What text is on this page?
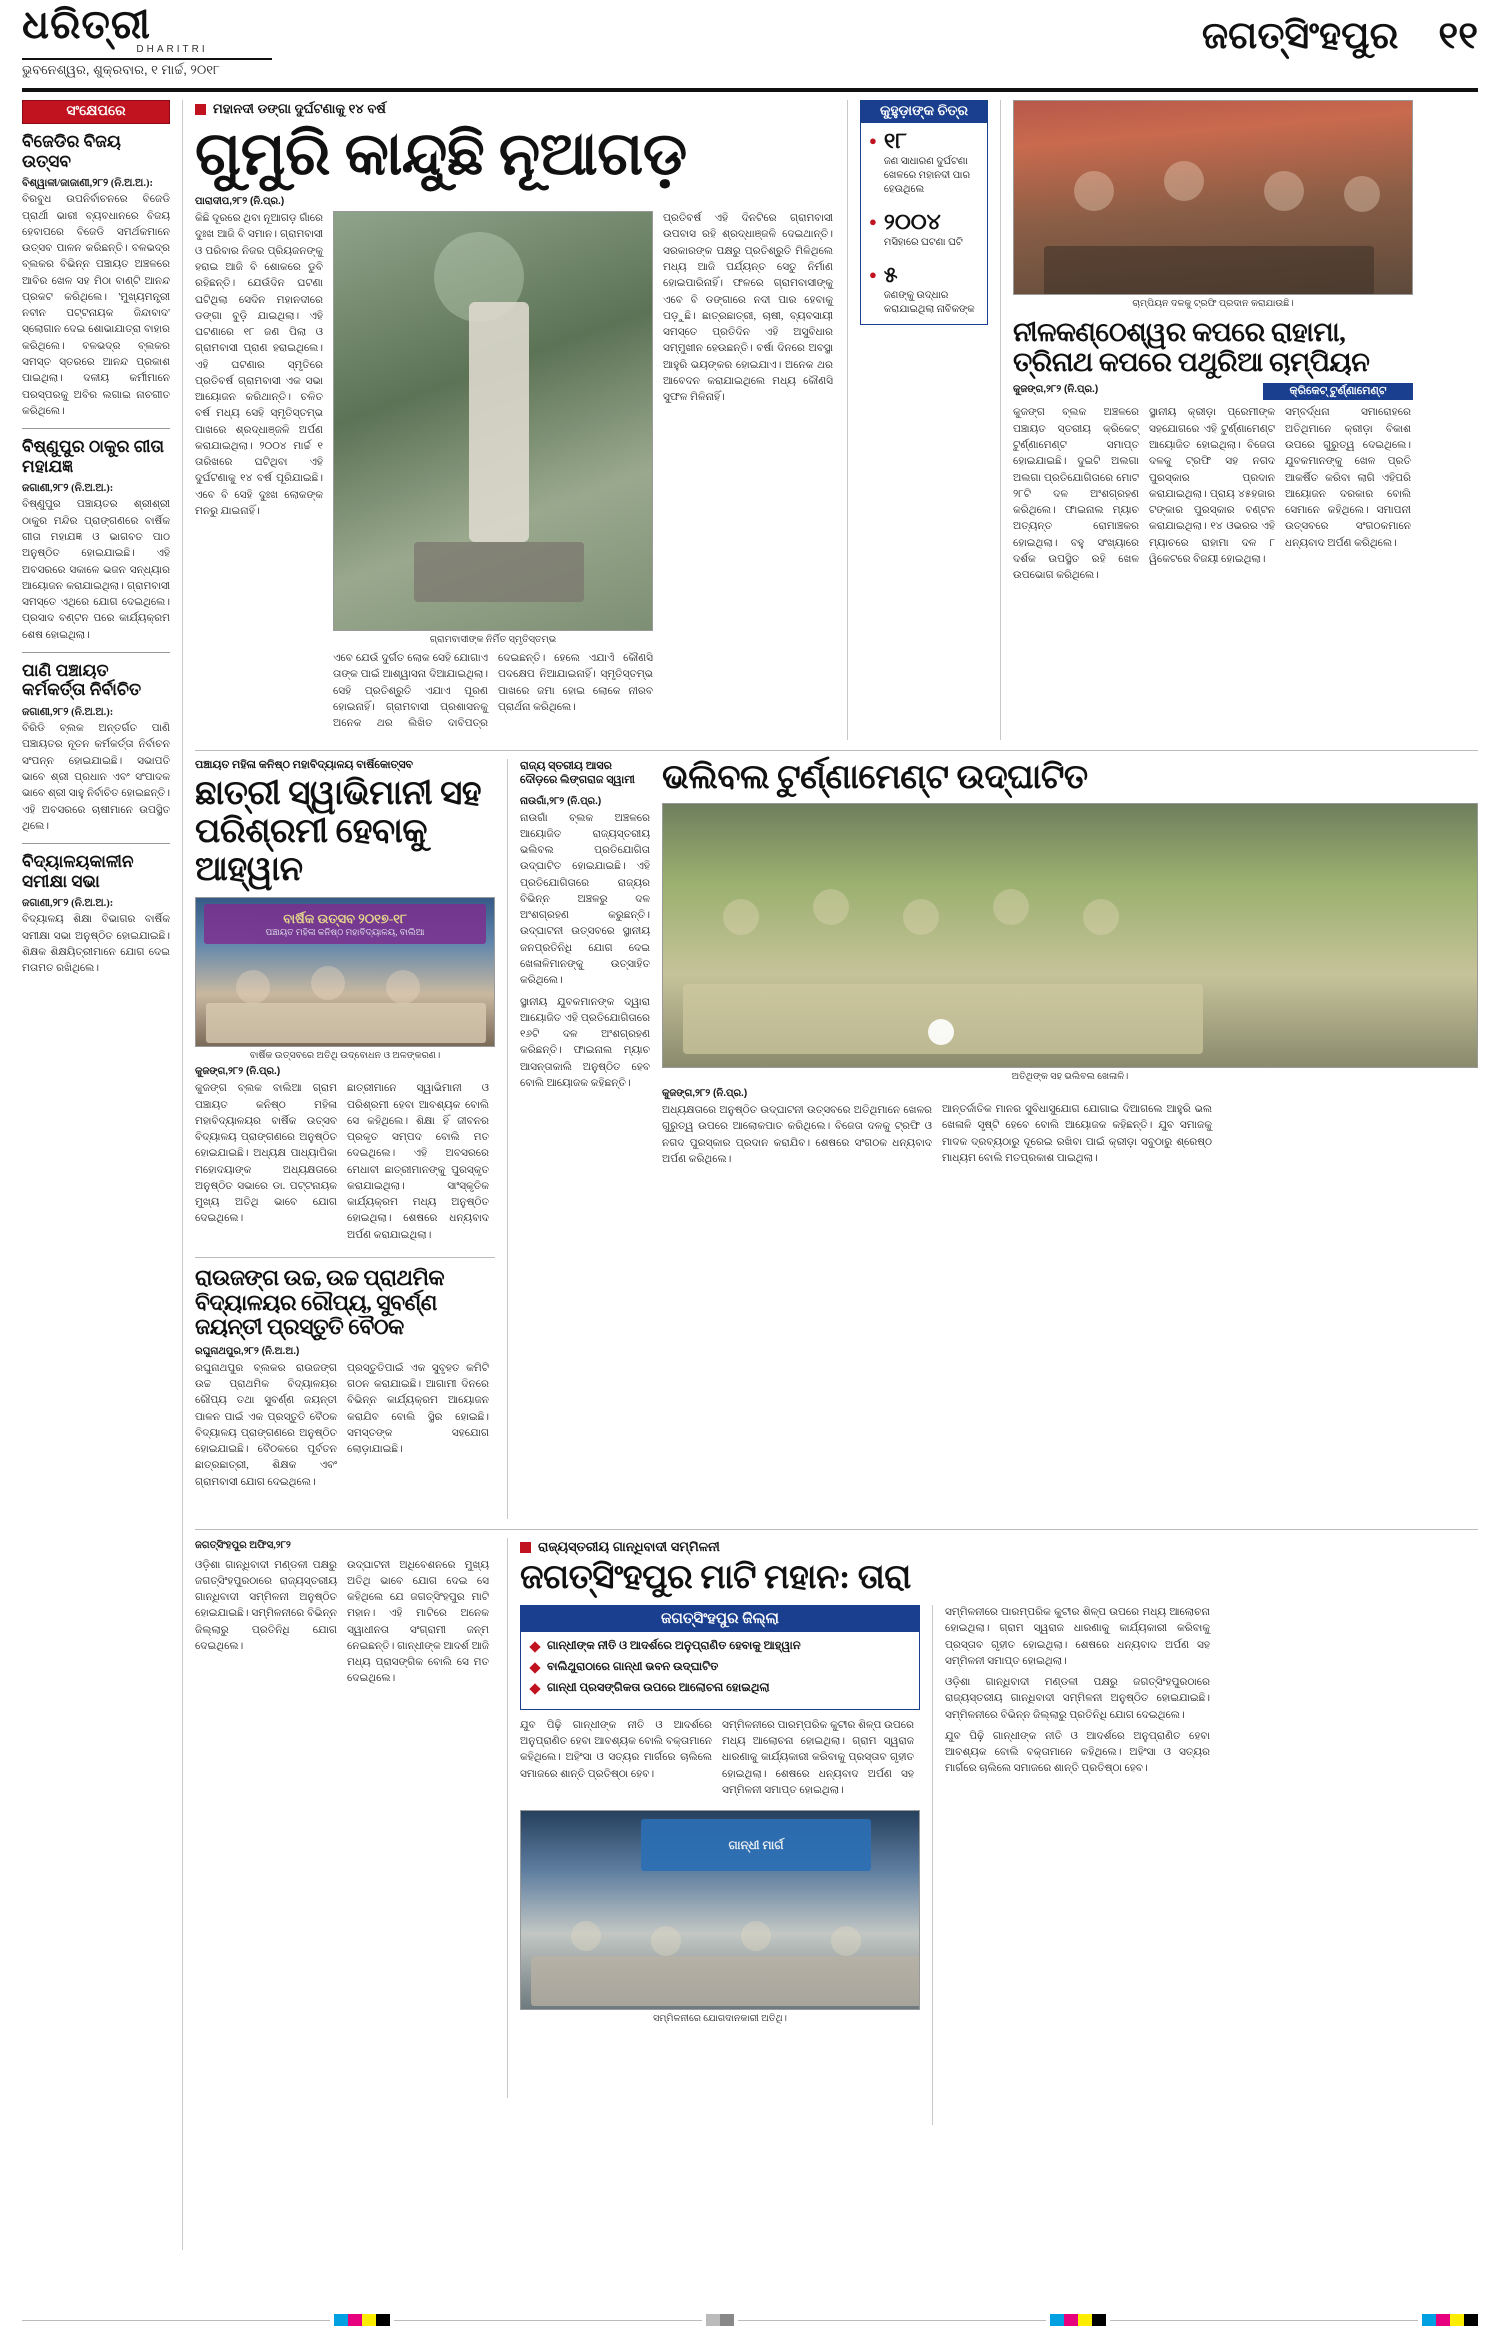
ଧରିତ୍ରୀ
DHARITRI
ଭୁବନେଶ୍ୱର, ଶୁକ୍ରବାର, ୧ ମାର୍ଚ୍ଚ, ୨୦୧୮
ଜଗତ୍‌ସିଂହପୁର ୧୧
ସଂକ୍ଷେପରେ
ବିଜେଡିର ବିଜୟ ଉତ୍ସବ

ବିଶ୍ୱାଳୀ/ଜାଜାଣୀ,୨୮୨ (ନି.ଅ.ଅ.):

ବିରବୁଧ ଉପନିର୍ବାଚନରେ ବିଜେଡି ପ୍ରାର୍ଥୀ ଭାରୀ ବ୍ୟବଧାନରେ ବିଜୟ ହେବାପରେ ବିଜେଡି ସମର୍ଥକମାନେ ଉତ୍ସବ ପାଳନ କରିଛନ୍ତି। ବଳଭଦ୍ର ବ୍ଲକର ବିଭିନ୍ନ ପଞ୍ଚାୟତ ଅଞ୍ଚଳରେ ଆବିର ଖେଳ ସହ ମିଠା ବାଣ୍ଟି ଆନନ୍ଦ ପ୍ରକଟ କରିଥିଲେ। 'ମୁଖ୍ୟମନ୍ତ୍ରୀ ନବୀନ ପଟ୍ଟନାୟକ ଜିନ୍ଦାବାଦ' ସ୍ଲୋଗାନ ଦେଇ ଶୋଭାଯାତ୍ରା ବାହାର କରିଥିଲେ। ବଳଭଦ୍ର ବ୍ଲକର ସମସ୍ତ ସ୍ତରରେ ଆନନ୍ଦ ପ୍ରକାଶ ପାଇଥିଲା। ଦଳୀୟ କର୍ମୀମାନେ ପରସ୍ପରକୁ ଅବିର ଲଗାଇ ନାଚଗୀତ କରିଥିଲେ।

ବିଷ୍ଣୁପୁର ଠାକୁର ଗୀତା ମହାଯଜ୍ଞ

ଜଗାଣୀ,୨୮୨ (ନି.ଅ.ଅ.):

ବିଷ୍ଣୁପୁର ପଞ୍ଚାୟତର ଶ୍ରୀଶ୍ରୀ ଠାକୁର ମନ୍ଦିର ପ୍ରାଙ୍ଗଣରେ ବାର୍ଷିକ ଗୀତା ମହାଯଜ୍ଞ ଓ ଭାଗବତ ପାଠ ଅନୁଷ୍ଠିତ ହୋଇଯାଇଛି। ଏହି ଅବସରରେ ସକାଳେ ଭଜନ ସନ୍ଧ୍ୟାର ଆୟୋଜନ କରାଯାଇଥିଲା। ଗ୍ରାମବାସୀ ସମସ୍ତେ ଏଥିରେ ଯୋଗ ଦେଇଥିଲେ। ପ୍ରସାଦ ବଣ୍ଟନ ପରେ କାର୍ଯ୍ୟକ୍ରମ ଶେଷ ହୋଇଥିଲା।

ପାଣି ପଞ୍ଚାୟତ କର୍ମକର୍ତ୍ତା ନିର୍ବାଚିତ

ଜଗାଣୀ,୨୮୨ (ନି.ଅ.ଅ.):

ବିରିଡି ବ୍ଲକ ଅନ୍ତର୍ଗତ ପାଣି ପଞ୍ଚାୟତର ନୂତନ କର୍ମକର୍ତ୍ତା ନିର୍ବାଚନ ସଂପନ୍ନ ହୋଇଯାଇଛି। ସଭାପତି ଭାବେ ଶ୍ରୀ ପ୍ରଧାନ ଏବଂ ସଂପାଦକ ଭାବେ ଶ୍ରୀ ସାହୁ ନିର୍ବାଚିତ ହୋଇଛନ୍ତି। ଏହି ଅବସରରେ ଚାଷୀମାନେ ଉପସ୍ଥିତ ଥିଲେ।

ବିଦ୍ୟାଳୟକାଳୀନ ସମୀକ୍ଷା ସଭା

ଜଗାଣୀ,୨୮୨ (ନି.ଅ.ଅ.):

ବିଦ୍ୟାଳୟ ଶିକ୍ଷା ବିଭାଗର ବାର୍ଷିକ ସମୀକ୍ଷା ସଭା ଅନୁଷ୍ଠିତ ହୋଇଯାଇଛି। ଶିକ୍ଷକ ଶିକ୍ଷୟିତ୍ରୀମାନେ ଯୋଗ ଦେଇ ମତାମତ ରଖିଥିଲେ।

ମହାନଦୀ ଡଙ୍ଗା ଦୁର୍ଘଟଣାକୁ ୧୪ ବର୍ଷ
ଗୁମୁରି କାନ୍ଦୁଛି ନୂଆଗଡ଼
ପାରାଦୀପ,୨୮୨ (ନି.ପ୍ର.)

କିଛି ଦୂରରେ ଥିବା ନୂଆଗଡ଼ ଗାଁରେ ଦୁଃଖ ଆଜି ବି ସମାନ। ଗ୍ରାମବାସୀ ଓ ପରିବାର ନିଜର ପ୍ରିୟଜନଙ୍କୁ ହରାଇ ଆଜି ବି ଶୋକରେ ଡୁବି ରହିଛନ୍ତି। ଯେଉଁଦିନ ଘଟଣା ଘଟିଥିଲା ସେଦିନ ମହାନଦୀରେ ଡଙ୍ଗା ବୁଡ଼ି ଯାଇଥିଲା। ଏହି ଘଟଣାରେ ୧୮ ଜଣ ପିଲା ଓ ଗ୍ରାମବାସୀ ପ୍ରାଣ ହରାଇଥିଲେ। ଏହି ଘଟଣାର ସ୍ମୃତିରେ ପ୍ରତିବର୍ଷ ଗ୍ରାମବାସୀ ଏକ ସଭା ଆୟୋଜନ କରିଥାନ୍ତି। ଚଳିତ ବର୍ଷ ମଧ୍ୟ ସେହି ସ୍ମୃତିସ୍ତମ୍ଭ ପାଖରେ ଶ୍ରଦ୍ଧାଞ୍ଜଳି ଅର୍ପଣ କରାଯାଇଥିଲା। ୨୦୦୪ ମାର୍ଚ୍ଚ ୧ ତାରିଖରେ ଘଟିଥିବା ଏହି ଦୁର୍ଘଟଣାକୁ ୧୪ ବର୍ଷ ପୂରିଯାଇଛି। ଏବେ ବି ସେହି ଦୁଃଖ ଲୋକଙ୍କ ମନରୁ ଯାଇନାହିଁ।

ଗ୍ରାମବାସୀଙ୍କ ନିର୍ମିତ ସ୍ମୃତିସ୍ତମ୍ଭ

ଏବେ ଯେଉଁ ଦୁର୍ଗତ ଲୋକ ସେହି ଯୋଗାଏ ତାଙ୍କ ପାଇଁ ଆଶ୍ୱାସନା ଦିଆଯାଇଥିଲା। ସେହି ପ୍ରତିଶ୍ରୁତି ଏଯାଏ ପୂରଣ ହୋଇନାହିଁ। ଗ୍ରାମବାସୀ ପ୍ରଶାସନକୁ ଅନେକ ଥର ଲିଖିତ ଦାବିପତ୍ର ଦେଇଛନ୍ତି। ହେଲେ ଏଯାଏଁ କୌଣସି ପଦକ୍ଷେପ ନିଆଯାଇନାହିଁ। ସ୍ମୃତିସ୍ତମ୍ଭ ପାଖରେ ଜମା ହୋଇ ଲୋକେ ନୀରବ ପ୍ରାର୍ଥନା କରିଥିଲେ।

ପ୍ରତିବର୍ଷ ଏହି ଦିନଟିରେ ଗ୍ରାମବାସୀ ଉପବାସ ରହି ଶ୍ରଦ୍ଧାଞ୍ଜଳି ଦେଇଥାନ୍ତି। ସରକାରଙ୍କ ପକ୍ଷରୁ ପ୍ରତିଶ୍ରୁତି ମିଳିଥିଲେ ମଧ୍ୟ ଆଜି ପର୍ଯ୍ୟନ୍ତ ସେତୁ ନିର୍ମାଣ ହୋଇପାରିନାହିଁ। ଫଳରେ ଗ୍ରାମବାସୀଙ୍କୁ ଏବେ ବି ଡଙ୍ଗାରେ ନଦୀ ପାର ହେବାକୁ ପଡ଼ୁଛି। ଛାତ୍ରଛାତ୍ରୀ, ଚାଷୀ, ବ୍ୟବସାୟୀ ସମସ୍ତେ ପ୍ରତିଦିନ ଏହି ଅସୁବିଧାର ସମ୍ମୁଖୀନ ହେଉଛନ୍ତି। ବର୍ଷା ଦିନରେ ଅବସ୍ଥା ଆହୁରି ଭୟଙ୍କର ହୋଇଯାଏ। ଅନେକ ଥର ଆବେଦନ କରାଯାଇଥିଲେ ମଧ୍ୟ କୌଣସି ସୁଫଳ ମିଳିନାହିଁ।

କୁହୁଡ଼ାଙ୍କ ଚିତ୍ର
● ୧୮
ଜଣ ସାଧାରଣ ଦୁର୍ଘଟଣା ଖେଳରେ ମହାନଦୀ ପାର ହେଉଥିଲେ
● ୨୦୦୪
ମସିହାରେ ଘଟଣା ଘଟି
● ୫
ଜଣଙ୍କୁ ଉଦ୍ଧାର କରାଯାଇଥିଲା ନାବିକଙ୍କ	ଚାମ୍ପିୟନ ଦଳକୁ ଟ୍ରଫି ପ୍ରଦାନ କରାଯାଉଛି।
ନୀଳକଣ୍ଠେଶ୍ୱର କପରେ ରାହାମା, ତ୍ରିନାଥ କପରେ ପଥୁରିଆ ଚାମ୍ପିୟନ
କୁଜଙ୍ଗ,୨୮୨ (ନି.ପ୍ର.)	କ୍ରିକେଟ୍ ଟୁର୍ଣ୍ଣାମେଣ୍ଟ

କୁଜଙ୍ଗ ବ୍ଲକ ଅଞ୍ଚଳରେ ପଞ୍ଚାୟତ ସ୍ତରୀୟ କ୍ରିକେଟ୍ ଟୁର୍ଣ୍ଣାମେଣ୍ଟ ସମାପ୍ତ ହୋଇଯାଇଛି। ଦୁଇଟି ଅଲଗା ଅଲଗା ପ୍ରତିଯୋଗିତାରେ ମୋଟ ୨୮ଟି ଦଳ ଅଂଶଗ୍ରହଣ କରିଥିଲେ। ଫାଇନାଲ ମ୍ୟାଚ ଅତ୍ୟନ୍ତ ରୋମାଞ୍ଚକର ହୋଇଥିଲା। ବହୁ ସଂଖ୍ୟାରେ ଦର୍ଶକ ଉପସ୍ଥିତ ରହି ଖେଳ ଉପଭୋଗ କରିଥିଲେ।

ସ୍ଥାନୀୟ କ୍ରୀଡ଼ା ପ୍ରେମୀଙ୍କ ସହଯୋଗରେ ଏହି ଟୁର୍ଣ୍ଣାମେଣ୍ଟ ଆୟୋଜିତ ହୋଇଥିଲା। ବିଜେତା ଦଳକୁ ଟ୍ରଫି ସହ ନଗଦ ପୁରସ୍କାର ପ୍ରଦାନ କରାଯାଇଥିଲା। ପ୍ରାୟ ୪୫ହଜାର ଟଙ୍କାର ପୁରସ୍କାର ବଣ୍ଟନ କରାଯାଇଥିଲା। ୧୪ ଓଭରର ଏହି ମ୍ୟାଚରେ ରାହାମା ଦଳ ୮ ୱିକେଟରେ ବିଜୟୀ ହୋଇଥିଲା।

ସମ୍ବର୍ଦ୍ଧନା ସମାରୋହରେ ଅତିଥିମାନେ କ୍ରୀଡ଼ା ବିକାଶ ଉପରେ ଗୁରୁତ୍ୱ ଦେଇଥିଲେ। ଯୁବକମାନଙ୍କୁ ଖେଳ ପ୍ରତି ଆକର୍ଷିତ କରିବା ଲାଗି ଏହିପରି ଆୟୋଜନ ଦରକାର ବୋଲି ସେମାନେ କହିଥିଲେ। ସମାପନୀ ଉତ୍ସବରେ ସଂଗଠକମାନେ ଧନ୍ୟବାଦ ଅର୍ପଣ କରିଥିଲେ।

ପଞ୍ଚାୟତ ମହିଳା କନିଷ୍ଠ ମହାବିଦ୍ୟାଳୟ ବାର୍ଷିକୋତ୍ସବ
ଛାତ୍ରୀ ସ୍ୱାଭିମାନୀ ସହ ପରିଶ୍ରମୀ ହେବାକୁ ଆହ୍ୱାନ
ବାର୍ଷିକ ଉତ୍ସବ ୨୦୧୭-୧୮
ପଞ୍ଚାୟତ ମହିଳା କନିଷ୍ଠ ମହାବିଦ୍ୟାଳୟ, ବାଲିଆ
ବାର୍ଷିକ ଉତ୍ସବରେ ଅତିଥି ଉଦ୍ବୋଧନ ଓ ଅଳଙ୍କରଣ।
କୁଜଙ୍ଗ,୨୮୨ (ନି.ପ୍ର.)

କୁଜଙ୍ଗ ବ୍ଲକ ବାଲିଆ ଗ୍ରାମ ପଞ୍ଚାୟତ କନିଷ୍ଠ ମହିଳା ମହାବିଦ୍ୟାଳୟର ବାର୍ଷିକ ଉତ୍ସବ ବିଦ୍ୟାଳୟ ପ୍ରାଙ୍ଗଣରେ ଅନୁଷ୍ଠିତ ହୋଇଯାଇଛି। ଅଧ୍ୟକ୍ଷ ପାଧ୍ୟାପିକା ମହୋଦୟାଙ୍କ ଅଧ୍ୟକ୍ଷତାରେ ଅନୁଷ୍ଠିତ ସଭାରେ ଡା. ପଟ୍ଟନାୟକ ମୁଖ୍ୟ ଅତିଥି ଭାବେ ଯୋଗ ଦେଇଥିଲେ।

ଛାତ୍ରୀମାନେ ସ୍ୱାଭିମାନୀ ଓ ପରିଶ୍ରମୀ ହେବା ଆବଶ୍ୟକ ବୋଲି ସେ କହିଥିଲେ। ଶିକ୍ଷା ହିଁ ଜୀବନର ପ୍ରକୃତ ସମ୍ପଦ ବୋଲି ମତ ଦେଇଥିଲେ। ଏହି ଅବସରରେ ମେଧାବୀ ଛାତ୍ରୀମାନଙ୍କୁ ପୁରସ୍କୃତ କରାଯାଇଥିଲା। ସାଂସ୍କୃତିକ କାର୍ଯ୍ୟକ୍ରମ ମଧ୍ୟ ଅନୁଷ୍ଠିତ ହୋଇଥିଲା। ଶେଷରେ ଧନ୍ୟବାଦ ଅର୍ପଣ କରାଯାଇଥିଲା।

ରାଉଜଙ୍ଗ ଉଚ୍ଚ, ଉଚ୍ଚ ପ୍ରାଥମିକ ବିଦ୍ୟାଳୟର ରୌପ୍ୟ, ସୁବର୍ଣ୍ଣ ଜୟନ୍ତୀ ପ୍ରସ୍ତୁତି ବୈଠକ
ରଘୁନାଥପୁର,୨୮୨ (ନି.ଅ.ଅ.)

ରଘୁନାଥପୁର ବ୍ଲକର ରାଉଜଙ୍ଗ ଉଚ୍ଚ ପ୍ରାଥମିକ ବିଦ୍ୟାଳୟର ରୌପ୍ୟ ତଥା ସୁବର୍ଣ୍ଣ ଜୟନ୍ତୀ ପାଳନ ପାଇଁ ଏକ ପ୍ରସ୍ତୁତି ବୈଠକ ବିଦ୍ୟାଳୟ ପ୍ରାଙ୍ଗଣରେ ଅନୁଷ୍ଠିତ ହୋଇଯାଇଛି। ବୈଠକରେ ପୂର୍ବତନ ଛାତ୍ରଛାତ୍ରୀ, ଶିକ୍ଷକ ଏବଂ ଗ୍ରାମବାସୀ ଯୋଗ ଦେଇଥିଲେ।

ପ୍ରସ୍ତୁତିପାଇଁ ଏକ ସୁବୃହତ କମିଟି ଗଠନ କରାଯାଇଛି। ଆଗାମୀ ଦିନରେ ବିଭିନ୍ନ କାର୍ଯ୍ୟକ୍ରମ ଆୟୋଜନ କରାଯିବ ବୋଲି ସ୍ଥିର ହୋଇଛି। ସମସ୍ତଙ୍କ ସହଯୋଗ ଲୋଡ଼ାଯାଇଛି।

ରାଜ୍ୟ ସ୍ତରୀୟ ଆସର ଦୌଡ଼ରେ ଲିଙ୍ଗରାଜ ସ୍ୱାମୀ
ନାଉଗାଁ,୨୮୨ (ନି.ପ୍ର.)

ନାଉଗାଁ ବ୍ଲକ ଅଞ୍ଚଳରେ ଆୟୋଜିତ ରାଜ୍ୟସ୍ତରୀୟ ଭଲିବଲ ପ୍ରତିଯୋଗିତା ଉଦ୍‌ଘାଟିତ ହୋଇଯାଇଛି। ଏହି ପ୍ରତିଯୋଗିତାରେ ରାଜ୍ୟର ବିଭିନ୍ନ ଅଞ୍ଚଳରୁ ଦଳ ଅଂଶଗ୍ରହଣ କରୁଛନ୍ତି। ଉଦ୍‌ଘାଟନୀ ଉତ୍ସବରେ ସ୍ଥାନୀୟ ଜନପ୍ରତିନିଧି ଯୋଗ ଦେଇ ଖେଳାଳିମାନଙ୍କୁ ଉତ୍ସାହିତ କରିଥିଲେ।

ସ୍ଥାନୀୟ ଯୁବକମାନଙ୍କ ଦ୍ୱାରା ଆୟୋଜିତ ଏହି ପ୍ରତିଯୋଗିତାରେ ୧୬ଟି ଦଳ ଅଂଶଗ୍ରହଣ କରିଛନ୍ତି। ଫାଇନାଲ ମ୍ୟାଚ ଆସନ୍ତାକାଲି ଅନୁଷ୍ଠିତ ହେବ ବୋଲି ଆୟୋଜକ କହିଛନ୍ତି।

ଭଲିବଲ ଟୁର୍ଣ୍ଣାମେଣ୍ଟ ଉଦ୍‌ଘାଟିତ
ଅତିଥିଙ୍କ ସହ ଭଲିବଲ ଖେଳାଳି।
କୁଜଙ୍ଗ,୨୮୨ (ନି.ପ୍ର.)

ଅଧ୍ୟକ୍ଷତାରେ ଅନୁଷ୍ଠିତ ଉଦ୍‌ଘାଟନୀ ଉତ୍ସବରେ ଅତିଥିମାନେ ଖେଳର ଗୁରୁତ୍ୱ ଉପରେ ଆଲୋକପାତ କରିଥିଲେ। ବିଜେତା ଦଳକୁ ଟ୍ରଫି ଓ ନଗଦ ପୁରସ୍କାର ପ୍ରଦାନ କରାଯିବ। ଶେଷରେ ସଂଗଠକ ଧନ୍ୟବାଦ ଅର୍ପଣ କରିଥିଲେ।

ଆନ୍ତର୍ଜାତିକ ମାନର ସୁବିଧାସୁଯୋଗ ଯୋଗାଇ ଦିଆଗଲେ ଆହୁରି ଭଲ ଖେଳାଳି ସୃଷ୍ଟି ହେବେ ବୋଲି ଆୟୋଜକ କହିଛନ୍ତି। ଯୁବ ସମାଜକୁ ମାଦକ ଦ୍ରବ୍ୟଠାରୁ ଦୂରେଇ ରଖିବା ପାଇଁ କ୍ରୀଡ଼ା ସବୁଠାରୁ ଶ୍ରେଷ୍ଠ ମାଧ୍ୟମ ବୋଲି ମତପ୍ରକାଶ ପାଇଥିଲା।

ଜଗତ୍‌ସିଂହପୁର ଅଫିସ,୨୮୨

ଓଡ଼ିଶା ଗାନ୍ଧିବାଦୀ ମଣ୍ଡଳୀ ପକ୍ଷରୁ ଜଗତ୍‌ସିଂହପୁରଠାରେ ରାଜ୍ୟସ୍ତରୀୟ ଗାନ୍ଧିବାଦୀ ସମ୍ମିଳନୀ ଅନୁଷ୍ଠିତ ହୋଇଯାଇଛି। ସମ୍ମିଳନୀରେ ବିଭିନ୍ନ ଜିଲ୍ଲାରୁ ପ୍ରତିନିଧି ଯୋଗ ଦେଇଥିଲେ।

ଉଦ୍‌ଘାଟନୀ ଅଧିବେଶନରେ ମୁଖ୍ୟ ଅତିଥି ଭାବେ ଯୋଗ ଦେଇ ସେ କହିଥିଲେ ଯେ ଜଗତ୍‌ସିଂହପୁର ମାଟି ମହାନ। ଏହି ମାଟିରେ ଅନେକ ସ୍ୱାଧୀନତା ସଂଗ୍ରାମୀ ଜନ୍ମ ନେଇଛନ୍ତି। ଗାନ୍ଧୀଙ୍କ ଆଦର୍ଶ ଆଜି ମଧ୍ୟ ପ୍ରାସଙ୍ଗିକ ବୋଲି ସେ ମତ ଦେଇଥିଲେ।

ରାଜ୍ୟସ୍ତରୀୟ ଗାନ୍ଧିବାଦୀ ସମ୍ମିଳନୀ
ଜଗତ୍‌ସିଂହପୁର ମାଟି ମହାନ: ତାରା
ଜଗତ୍‌ସିଂହପୁର ଜିଲ୍ଲା
ଗାନ୍ଧୀଙ୍କ ନୀତି ଓ ଆଦର୍ଶରେ ଅନୁପ୍ରାଣିତ ହେବାକୁ ଆହ୍ୱାନ
ବାଲିଥୁରାଠାରେ ଗାନ୍ଧୀ ଭବନ ଉଦ୍‌ଘାଟିତ
ଗାନ୍ଧୀ ପ୍ରସଙ୍ଗିକତା ଉପରେ ଆଲୋଚନା ହୋଇଥିଲା

ଯୁବ ପିଢ଼ି ଗାନ୍ଧୀଙ୍କ ନୀତି ଓ ଆଦର୍ଶରେ ଅନୁପ୍ରାଣିତ ହେବା ଆବଶ୍ୟକ ବୋଲି ବକ୍ତାମାନେ କହିଥିଲେ। ଅହିଂସା ଓ ସତ୍ୟର ମାର୍ଗରେ ଚାଲିଲେ ସମାଜରେ ଶାନ୍ତି ପ୍ରତିଷ୍ଠା ହେବ।

ସମ୍ମିଳନୀରେ ପାରମ୍ପରିକ କୁଟୀର ଶିଳ୍ପ ଉପରେ ମଧ୍ୟ ଆଲୋଚନା ହୋଇଥିଲା। ଗ୍ରାମ ସ୍ୱରାଜ ଧାରଣାକୁ କାର୍ଯ୍ୟକାରୀ କରିବାକୁ ପ୍ରସ୍ତାବ ଗୃହୀତ ହୋଇଥିଲା। ଶେଷରେ ଧନ୍ୟବାଦ ଅର୍ପଣ ସହ ସମ୍ମିଳନୀ ସମାପ୍ତ ହୋଇଥିଲା।

ଗାନ୍ଧୀ ମାର୍ଗ
ସମ୍ମିଳନୀରେ ଯୋଗଦାନକାରୀ ଅତିଥି।

ସମ୍ମିଳନୀରେ ପାରମ୍ପରିକ କୁଟୀର ଶିଳ୍ପ ଉପରେ ମଧ୍ୟ ଆଲୋଚନା ହୋଇଥିଲା। ଗ୍ରାମ ସ୍ୱରାଜ ଧାରଣାକୁ କାର୍ଯ୍ୟକାରୀ କରିବାକୁ ପ୍ରସ୍ତାବ ଗୃହୀତ ହୋଇଥିଲା। ଶେଷରେ ଧନ୍ୟବାଦ ଅର୍ପଣ ସହ ସମ୍ମିଳନୀ ସମାପ୍ତ ହୋଇଥିଲା।

ଓଡ଼ିଶା ଗାନ୍ଧିବାଦୀ ମଣ୍ଡଳୀ ପକ୍ଷରୁ ଜଗତ୍‌ସିଂହପୁରଠାରେ ରାଜ୍ୟସ୍ତରୀୟ ଗାନ୍ଧିବାଦୀ ସମ୍ମିଳନୀ ଅନୁଷ୍ଠିତ ହୋଇଯାଇଛି। ସମ୍ମିଳନୀରେ ବିଭିନ୍ନ ଜିଲ୍ଲାରୁ ପ୍ରତିନିଧି ଯୋଗ ଦେଇଥିଲେ।

ଯୁବ ପିଢ଼ି ଗାନ୍ଧୀଙ୍କ ନୀତି ଓ ଆଦର୍ଶରେ ଅନୁପ୍ରାଣିତ ହେବା ଆବଶ୍ୟକ ବୋଲି ବକ୍ତାମାନେ କହିଥିଲେ। ଅହିଂସା ଓ ସତ୍ୟର ମାର୍ଗରେ ଚାଲିଲେ ସମାଜରେ ଶାନ୍ତି ପ୍ରତିଷ୍ଠା ହେବ।
